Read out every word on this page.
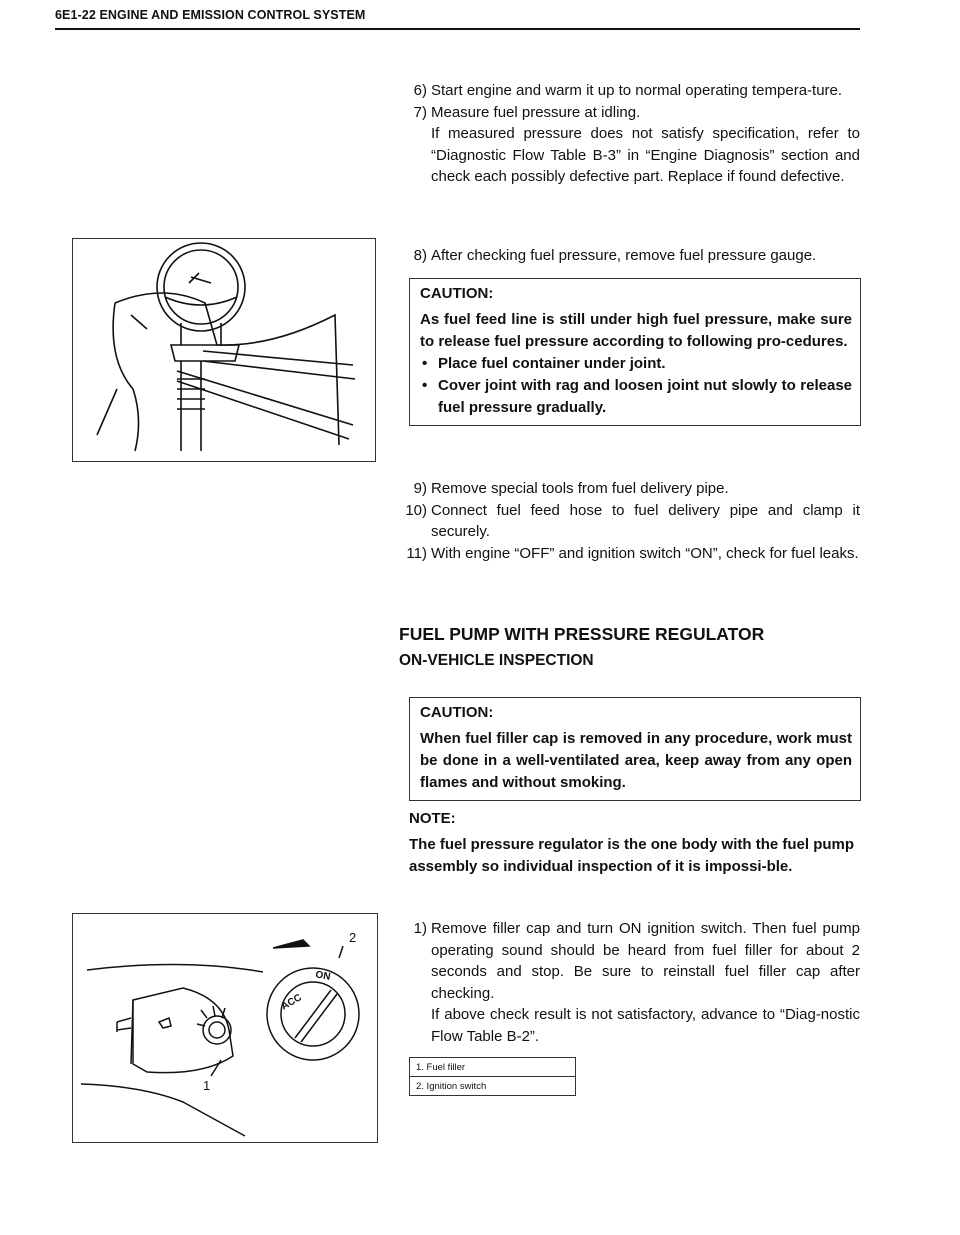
6E1-22 ENGINE AND EMISSION CONTROL SYSTEM

6) Start engine and warm it up to normal operating tempera-ture.

7) Measure fuel pressure at idling.
If measured pressure does not satisfy specification, refer to “Diagnostic Flow Table B-3” in “Engine Diagnosis” section and check each possibly defective part. Replace if found defective.

8) After checking fuel pressure, remove fuel pressure gauge.

CAUTION:
As fuel feed line is still under high fuel pressure, make sure to release fuel pressure according to following pro-cedures.
• Place fuel container under joint.
• Cover joint with rag and loosen joint nut slowly to release fuel pressure gradually.

9) Remove special tools from fuel delivery pipe.

10) Connect fuel feed hose to fuel delivery pipe and clamp it securely.

11) With engine “OFF” and ignition switch “ON”, check for fuel leaks.

FUEL PUMP WITH PRESSURE REGULATOR
ON-VEHICLE INSPECTION
CAUTION:
When fuel filler cap is removed in any procedure, work must be done in a well-ventilated area, keep away from any open flames and without smoking.
NOTE:
The fuel pressure regulator is the one body with the fuel pump assembly so individual inspection of it is impossi-ble.
ACC
ON
2
1

1) Remove filler cap and turn ON ignition switch. Then fuel pump operating sound should be heard from fuel filler for about 2 seconds and stop. Be sure to reinstall fuel filler cap after checking.
If above check result is not satisfactory, advance to “Diag-nostic Flow Table B-2”.

1. Fuel filler
2. Ignition switch
